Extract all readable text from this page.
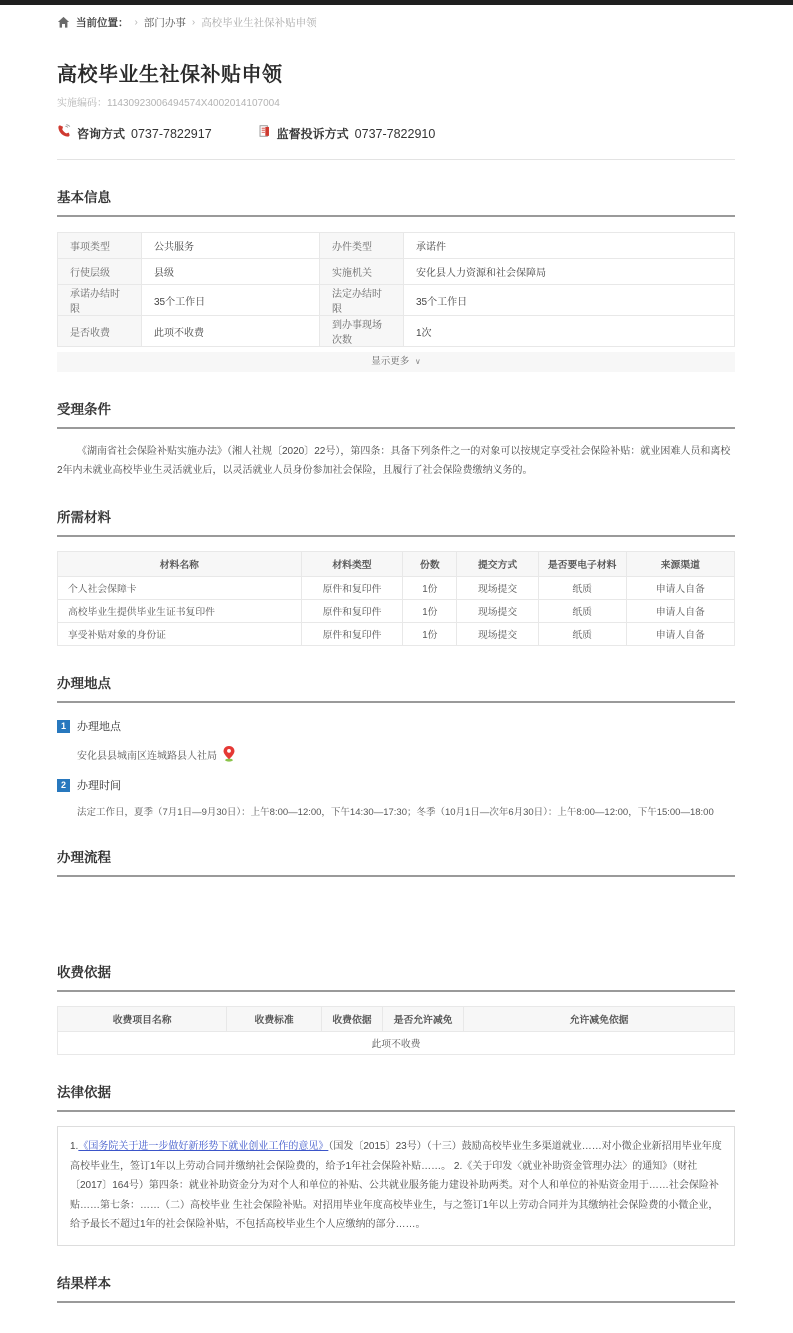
当前位置： › 部门办事 › 高校毕业生社保补贴申领
高校毕业生社保补贴申领
实施编码：11430923006494574X4002014107004
咨询方式 0737-7822917	监督投诉方式 0737-7822910
基本信息
事项类型	公共服务	办件类型	承诺件
行使层级	县级	实施机关	安化县人力资源和社会保障局
承诺办结时限	35个工作日	法定办结时限	35个工作日
是否收费	此项不收费	到办事现场次数	1次
显示更多 ∨
受理条件
《湖南省社会保险补贴实施办法》（湘人社规〔2020〕22号），第四条：具备下列条件之一的对象可以按规定享受社会保险补贴：就业困难人员和离校2年内未就业高校毕业生灵活就业后，以灵活就业人员身份参加社会保险，且履行了社会保险费缴纳义务的。
所需材料
材料名称	材料类型	份数	提交方式	是否要电子材料	来源渠道
个人社会保障卡	原件和复印件	1份	现场提交	纸质	申请人自备
高校毕业生提供毕业生证书复印件	原件和复印件	1份	现场提交	纸质	申请人自备
享受补贴对象的身份证	原件和复印件	1份	现场提交	纸质	申请人自备
办理地点
1	办理地点
安化县县城南区连城路县人社局
2	办理时间
法定工作日，夏季（7月1日—9月30日）：上午8:00—12:00，下午14:30—17:30；冬季（10月1日—次年6月30日）：上午8:00—12:00，下午15:00—18:00
办理流程
收费依据
收费项目名称	收费标准	收费依据	是否允许减免	允许减免依据
此项不收费
法律依据
1.《国务院关于进一步做好新形势下就业创业工作的意见》（国发〔2015〕23号）（十三）鼓励高校毕业生多渠道就业……对小微企业新招用毕业年度高校毕业生，签订1年以上劳动合同并缴纳社会保险费的，给予1年社会保险补贴……。 2.《关于印发〈就业补助资金管理办法〉的通知》（财社〔2017〕164号）第四条：就业补助资金分为对个人和单位的补贴、公共就业服务能力建设补助两类。对个人和单位的补贴资金用于……社会保险补贴……第七条：……（二）高校毕业 生社会保险补贴。对招用毕业年度高校毕业生，与之签订1年以上劳动合同并为其缴纳社会保险费的小微企业，给予最长不超过1年的社会保险补贴，不包括高校毕业生个人应缴纳的部分……。
结果样本
